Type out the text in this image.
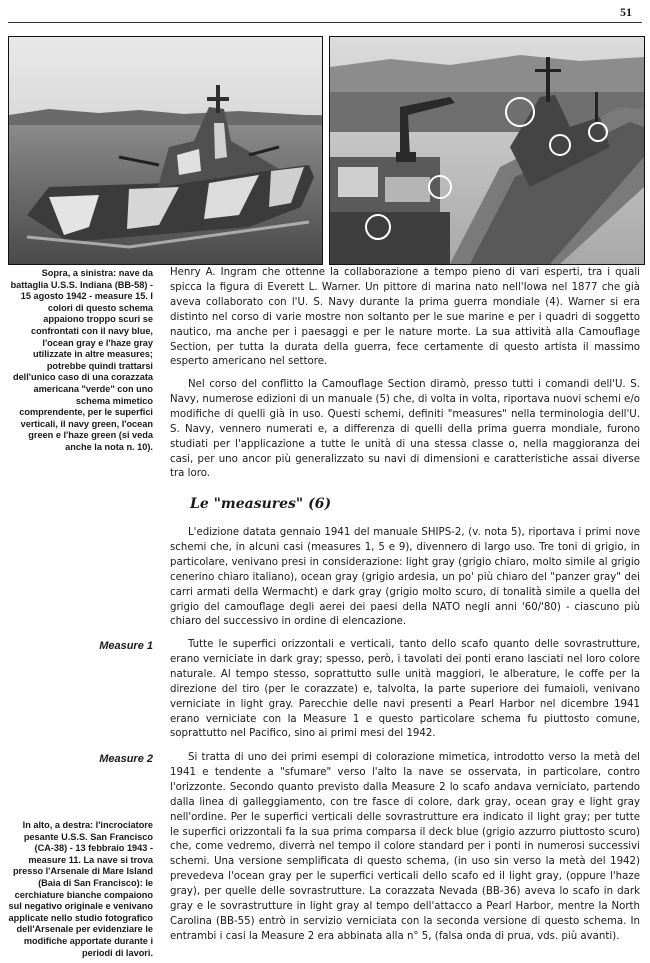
51
Sopra, a sinistra: nave da battaglia U.S.S. Indiana (BB-58) - 15 agosto 1942 - measure 15. I colori di questo schema appaiono troppo scuri se confrontati con il navy blue, l'ocean gray e l'haze gray utilizzate in altre measures; potrebbe quindi trattarsi dell'unico caso di una corazzata americana "verde" con uno schema mimetico comprendente, per le superfici verticali, il navy green, l'ocean green e l'haze green (si veda anche la nota n. 10).

Henry A. Ingram che ottenne la collaborazione a tempo pieno di vari esperti, tra i quali spicca la figura di Everett L. Warner. Un pittore di marina nato nell'Iowa nel 1877 che già aveva collaborato con l'U. S. Navy durante la prima guerra mondiale (4). Warner si era distinto nel corso di varie mostre non soltanto per le sue marine e per i quadri di soggetto nautico, ma anche per i paesaggi e per le nature morte. La sua attività alla Camouflage Section, per tutta la durata della guerra, fece certamente di questo artista il massimo esperto americano nel settore.

Nel corso del conflitto la Camouflage Section diramò, presso tutti i comandi dell'U. S. Navy, numerose edizioni di un manuale (5) che, di volta in volta, riportava nuovi schemi e/o modifiche di quelli già in uso. Questi schemi, definiti "measures" nella terminologia dell'U. S. Navy, vennero numerati e, a differenza di quelli della prima guerra mondiale, furono studiati per l'applicazione a tutte le unità di una stessa classe o, nella maggioranza dei casi, per uno ancor più generalizzato su navi di dimensioni e caratteristiche assai diverse tra loro.

Le "measures" (6)

L'edizione datata gennaio 1941 del manuale SHIPS-2, (v. nota 5), riportava i primi nove schemi che, in alcuni casi (measures 1, 5 e 9), divennero di largo uso. Tre toni di grigio, in particolare, venivano presi in considerazione: light gray (grigio chiaro, molto simile al grigio cenerino chiaro italiano), ocean gray (grigio ardesia, un po' più chiaro del "panzer gray" dei carri armati della Wermacht) e dark gray (grigio molto scuro, di tonalità simile a quella del grigio del camouflage degli aerei dei paesi della NATO negli anni '60/'80) - ciascuno più chiaro del successivo in ordine di elencazione.

Measure 1	Tutte le superfici orizzontali e verticali, tanto dello scafo quanto delle sovrastrutture, erano verniciate in dark gray; spesso, però, i tavolati dei ponti erano lasciati nel loro colore naturale. Al tempo stesso, soprattutto sulle unità maggiori, le alberature, le coffe per la direzione del tiro (per le corazzate) e, talvolta, la parte superiore dei fumaioli, venivano verniciate in light gray. Parecchie delle navi presenti a Pearl Harbor nel dicembre 1941 erano verniciate con la Measure 1 e questo particolare schema fu piuttosto comune, soprattutto nel Pacifico, sino ai primi mesi del 1942.

Measure 2	Si tratta di uno dei primi esempi di colorazione mimetica, introdotto verso la metà del 1941 e tendente a "sfumare" verso l'alto la nave se osservata, in particolare, contro l'orizzonte. Secondo quanto previsto dalla Measure 2 lo scafo andava verniciato, partendo dalla linea di galleggiamento, con tre fasce di colore, dark gray, ocean gray e light gray nell'ordine. Per le superfici verticali delle sovrastrutture era indicato il light gray; per tutte le superfici orizzontali fa la sua prima comparsa il deck blue (grigio azzurro piuttosto scuro) che, come vedremo, diverrà nel tempo il colore standard per i ponti in numerosi successivi schemi. Una versione semplificata di questo schema, (in uso sin verso la metà del 1942) prevedeva l'ocean gray per le superfici verticali dello scafo ed il light gray, (oppure l'haze gray), per quelle delle sovrastrutture. La corazzata Nevada (BB-36) aveva lo scafo in dark gray e le sovrastrutture in light gray al tempo dell'attacco a Pearl Harbor, mentre la North Carolina (BB-55) entrò in servizio verniciata con la seconda versione di questo schema. In entrambi i casi la Measure 2 era abbinata alla n° 5, (falsa onda di prua, vds. più avanti).

In alto, a destra: l'incrociatore pesante U.S.S. San Francisco (CA-38) - 13 febbraio 1943 - measure 11. La nave si trova presso l'Arsenale di Mare Island (Baia di San Francisco): le cerchiature bianche compaiono sul negativo originale e venivano applicate nello studio fotografico dell'Arsenale per evidenziare le modifiche apportate durante i periodi di lavori.
